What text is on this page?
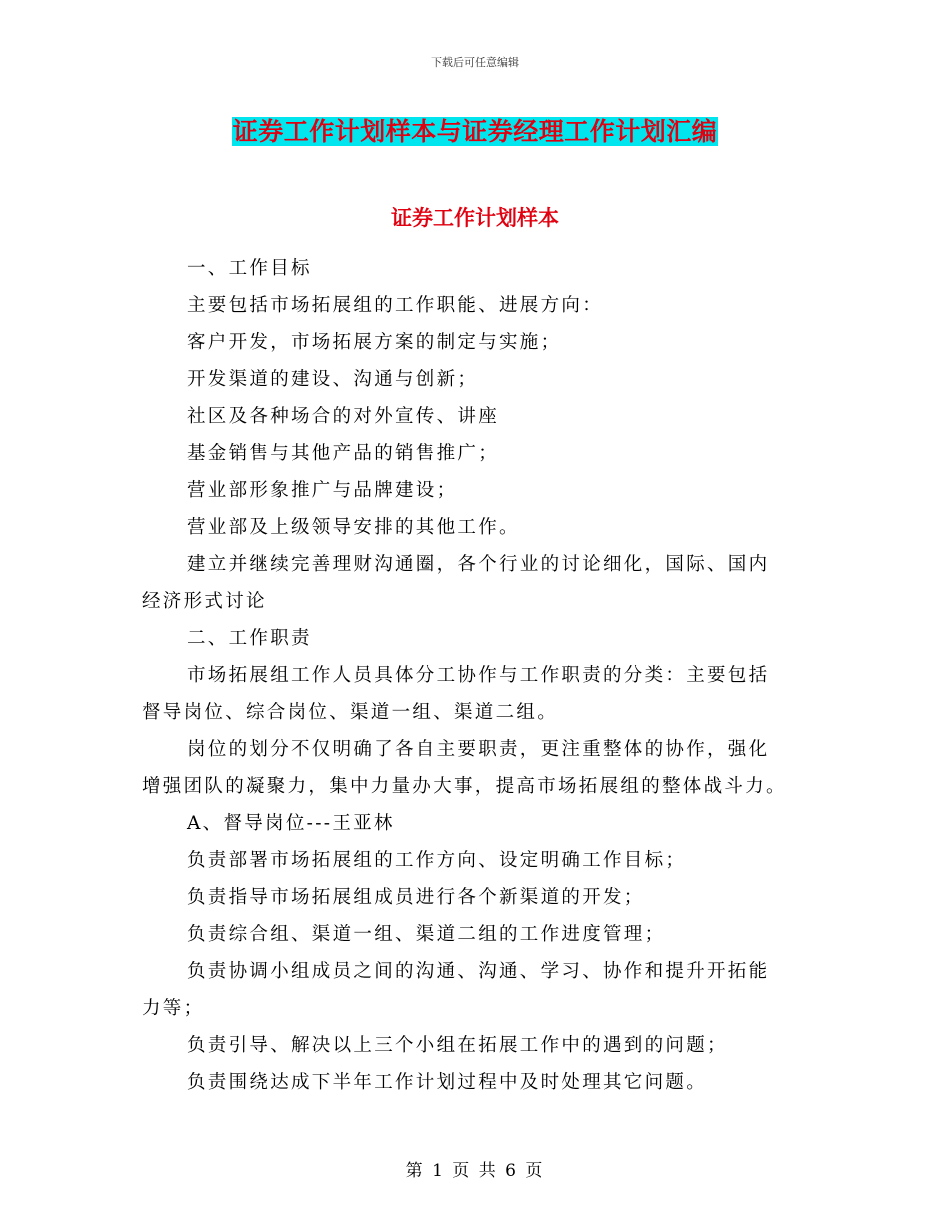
下载后可任意编辑
证券工作计划样本与证券经理工作计划汇编
证券工作计划样本
一、工作目标
主要包括市场拓展组的工作职能、进展方向：
客户开发，市场拓展方案的制定与实施；
开发渠道的建设、沟通与创新；
社区及各种场合的对外宣传、讲座
基金销售与其他产品的销售推广；
营业部形象推广与品牌建设；
营业部及上级领导安排的其他工作。
建立并继续完善理财沟通圈，各个行业的讨论细化，国际、国内
经济形式讨论
二、工作职责
市场拓展组工作人员具体分工协作与工作职责的分类：主要包括
督导岗位、综合岗位、渠道一组、渠道二组。
岗位的划分不仅明确了各自主要职责，更注重整体的协作，强化
增强团队的凝聚力，集中力量办大事，提高市场拓展组的整体战斗力。
A、督导岗位---王亚林
负责部署市场拓展组的工作方向、设定明确工作目标；
负责指导市场拓展组成员进行各个新渠道的开发；
负责综合组、渠道一组、渠道二组的工作进度管理；
负责协调小组成员之间的沟通、沟通、学习、协作和提升开拓能
力等；
负责引导、解决以上三个小组在拓展工作中的遇到的问题；
负责围绕达成下半年工作计划过程中及时处理其它问题。
第 1 页 共 6 页
